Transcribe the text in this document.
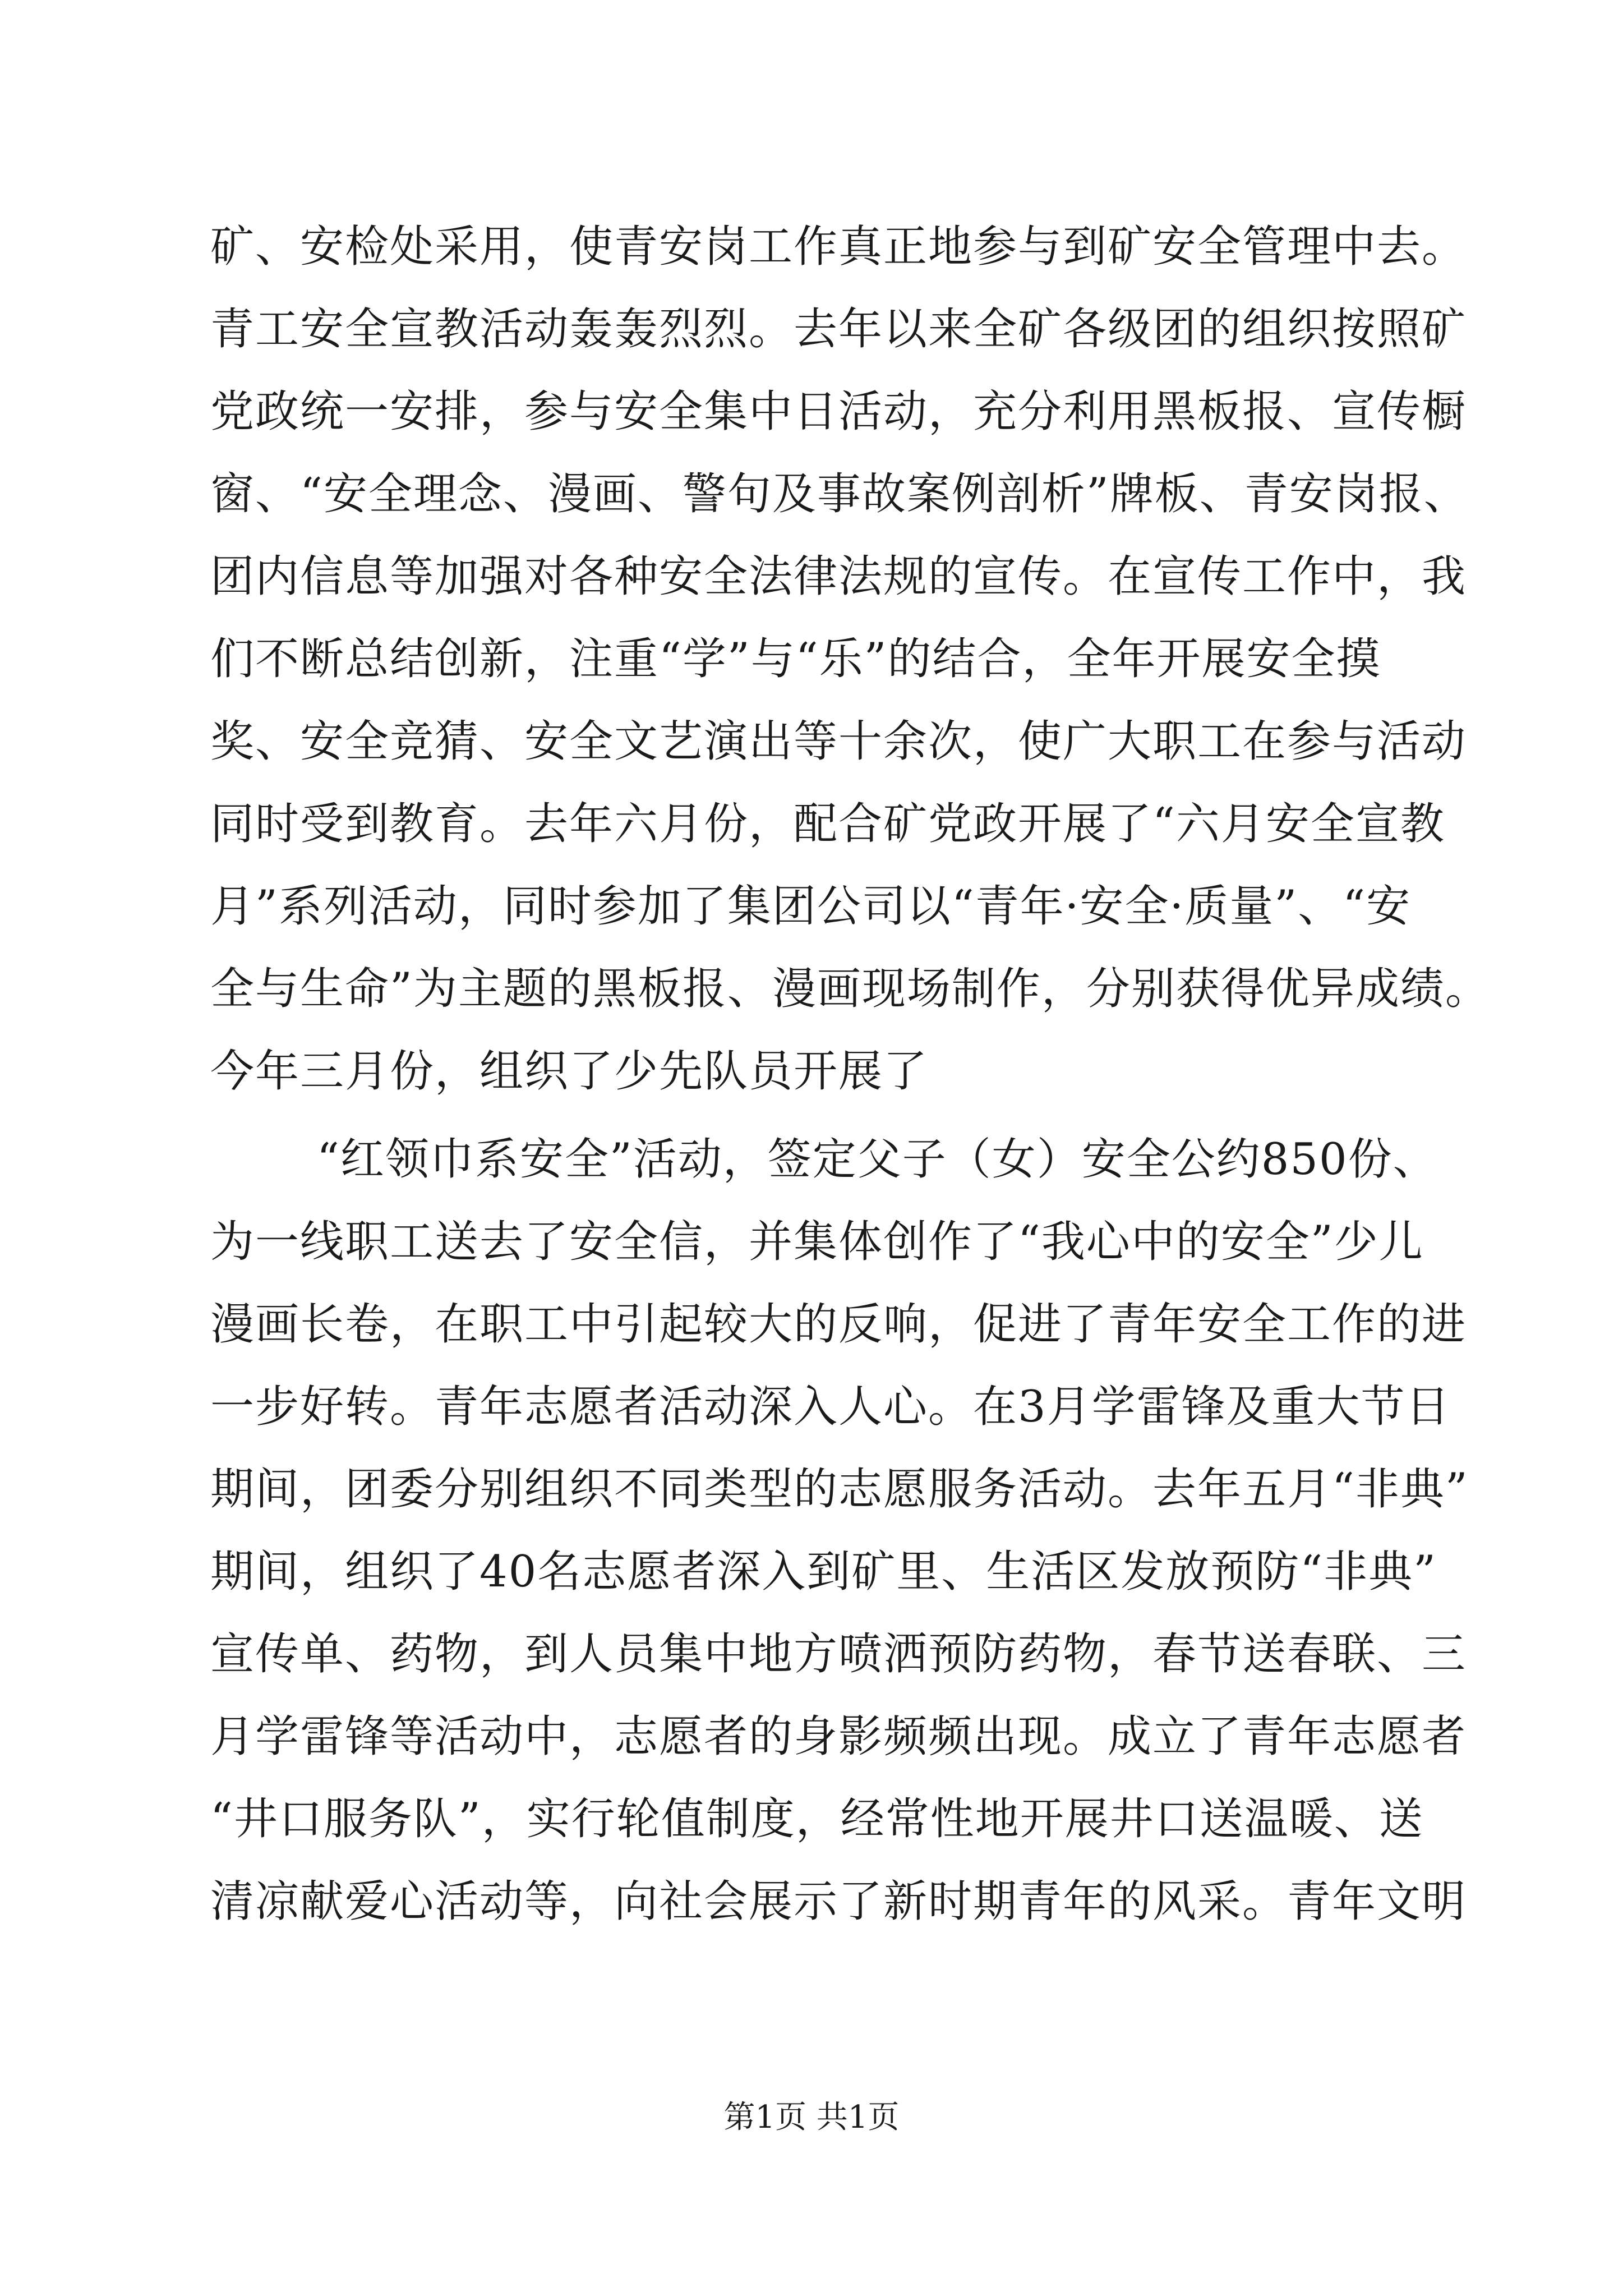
矿、安检处采用，使青安岗工作真正地参与到矿安全管理中去。
青工安全宣教活动轰轰烈烈。去年以来全矿各级团的组织按照矿
党政统一安排，参与安全集中日活动，充分利用黑板报、宣传橱
窗、“安全理念、漫画、警句及事故案例剖析”牌板、青安岗报、
团内信息等加强对各种安全法律法规的宣传。在宣传工作中，我
们不断总结创新，注重“学”与“乐”的结合，全年开展安全摸
奖、安全竞猜、安全文艺演出等十余次，使广大职工在参与活动
同时受到教育。去年六月份，配合矿党政开展了“六月安全宣教
月”系列活动，同时参加了集团公司以“青年·安全·质量”、“安
全与生命”为主题的黑板报、漫画现场制作，分别获得优异成绩。
今年三月份，组织了少先队员开展了
“红领巾系安全”活动，签定父子（女）安全公约850份、
为一线职工送去了安全信，并集体创作了“我心中的安全”少儿
漫画长卷，在职工中引起较大的反响，促进了青年安全工作的进
一步好转。青年志愿者活动深入人心。在3月学雷锋及重大节日
期间，团委分别组织不同类型的志愿服务活动。去年五月“非典”
期间，组织了40名志愿者深入到矿里、生活区发放预防“非典”
宣传单、药物，到人员集中地方喷洒预防药物，春节送春联、三
月学雷锋等活动中，志愿者的身影频频出现。成立了青年志愿者
“井口服务队”，实行轮值制度，经常性地开展井口送温暖、送
清凉献爱心活动等，向社会展示了新时期青年的风采。青年文明
第1页 共1页
